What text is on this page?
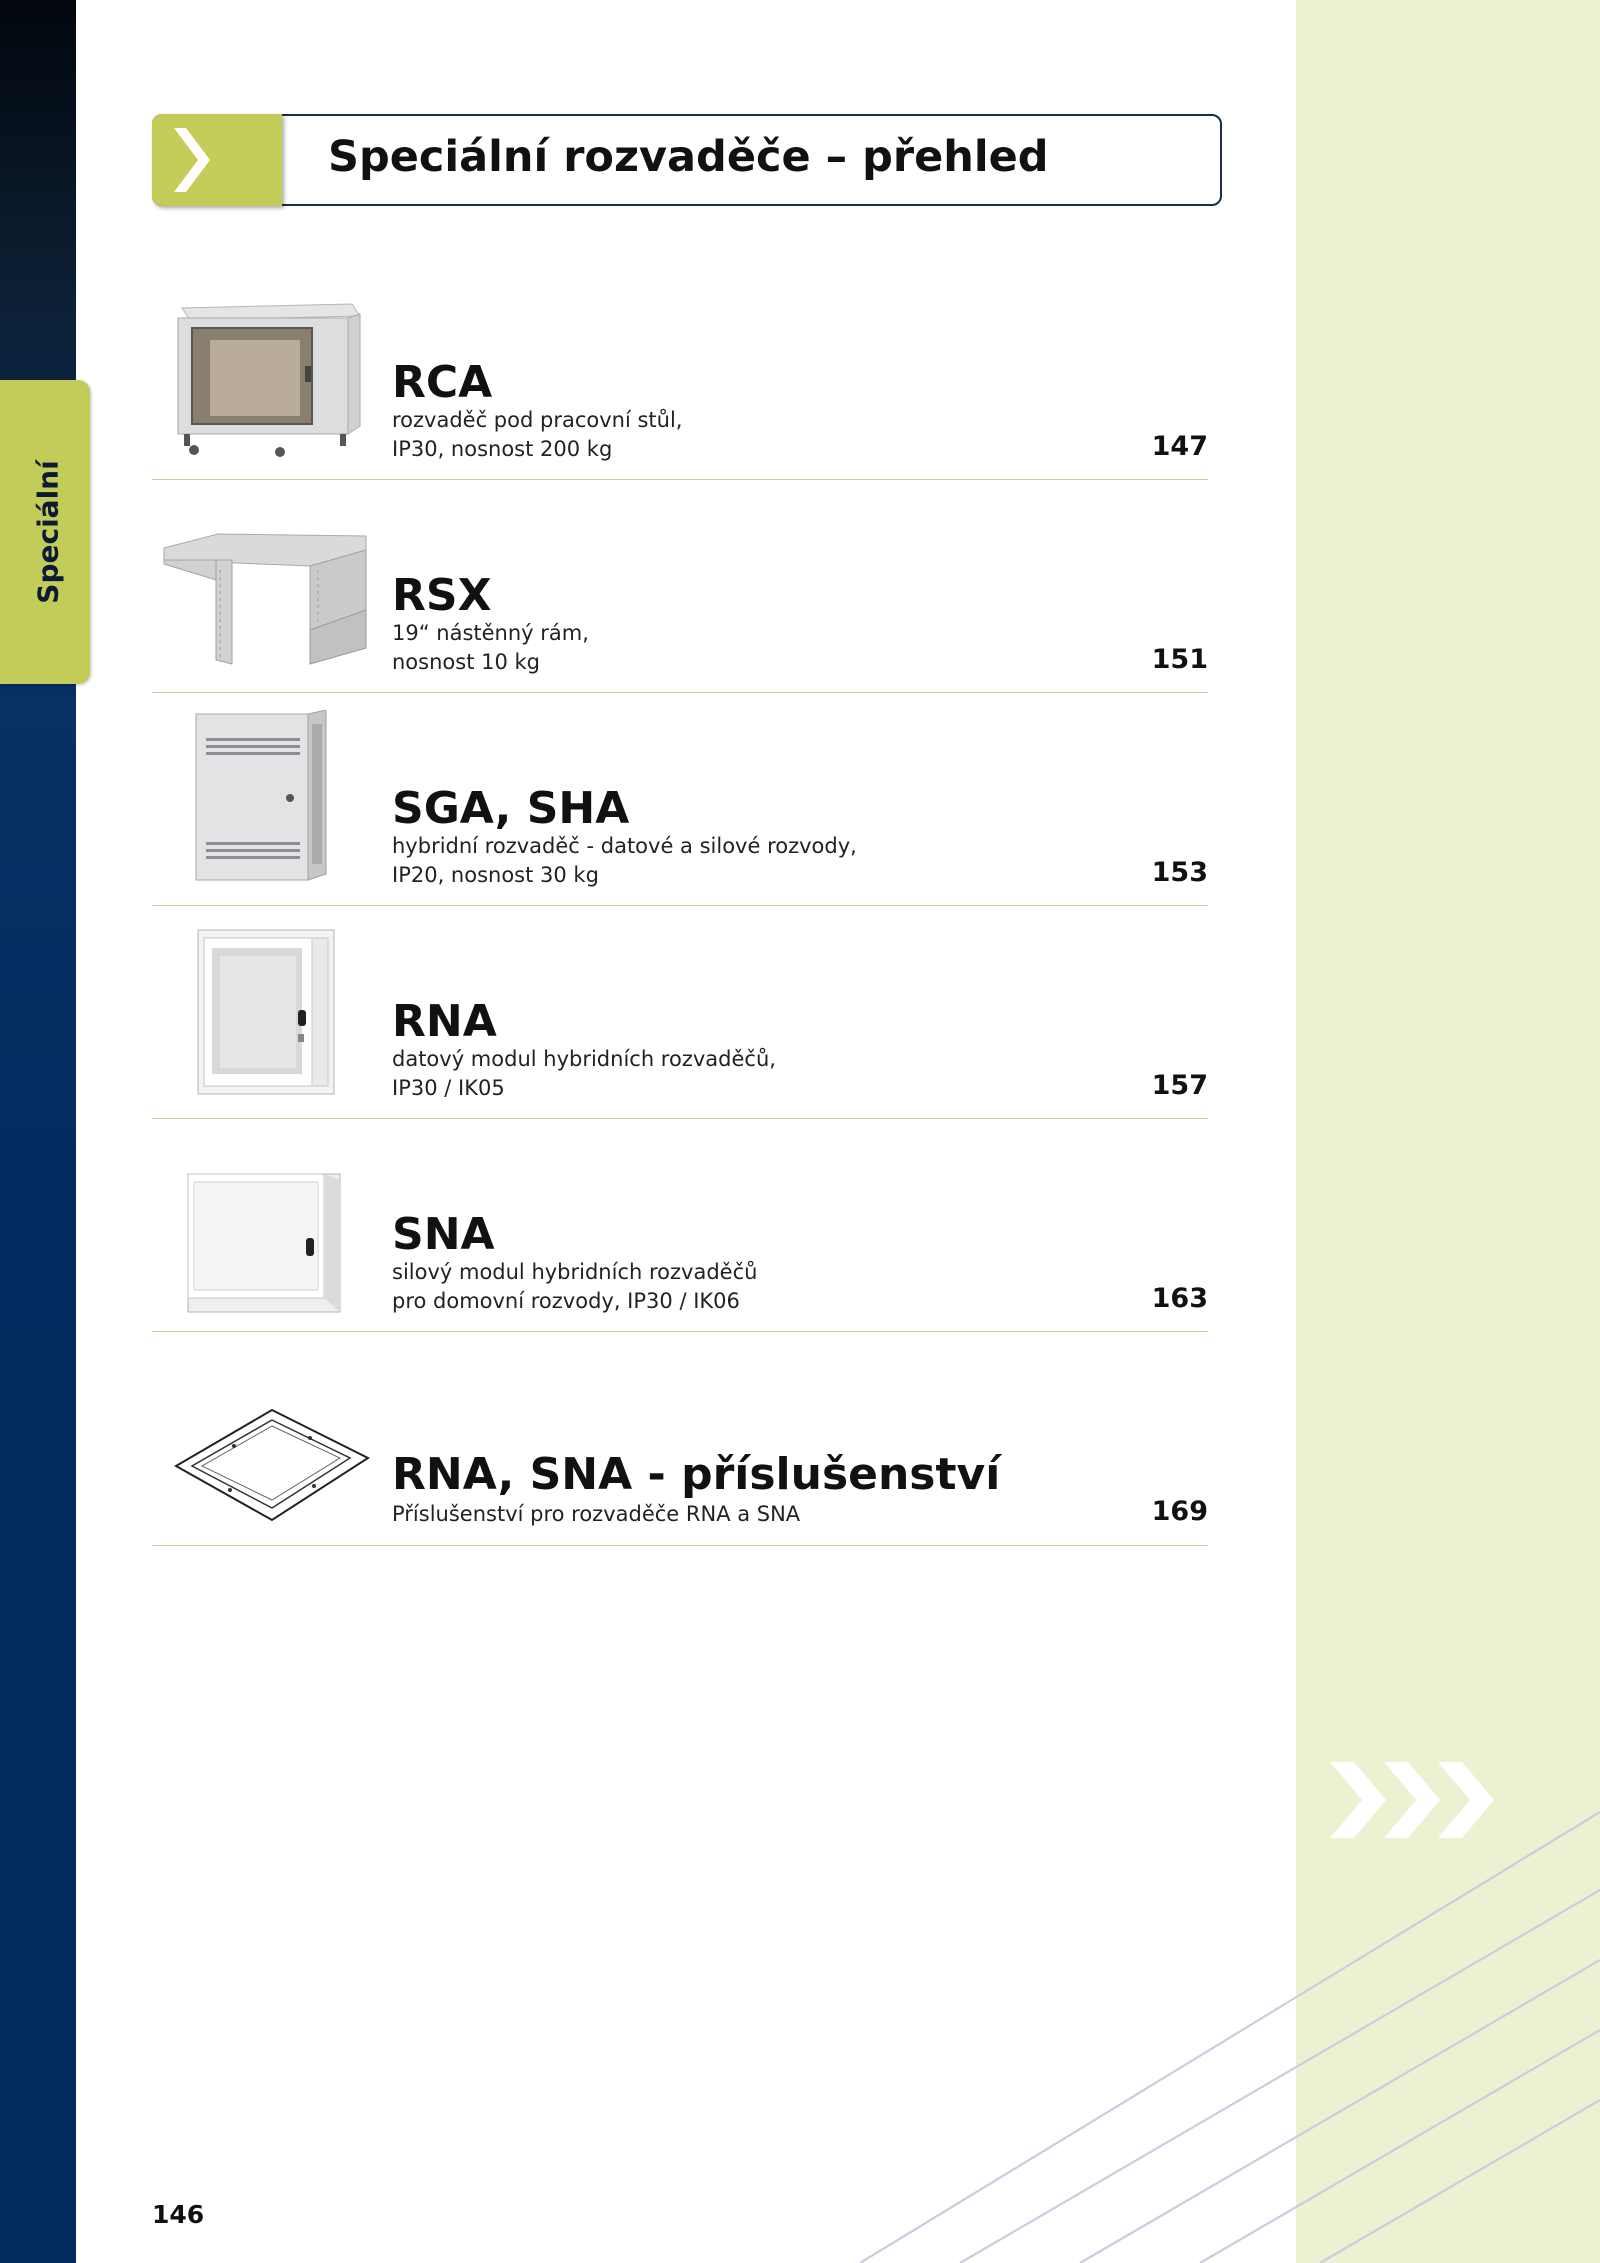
Speciální
Speciální rozvaděče – přehled
RCA
rozvaděč pod pracovní stůl,
IP30, nosnost 200 kg	147
RSX
19“ nástěnný rám,
nosnost 10 kg	151
SGA, SHA
hybridní rozvaděč - datové a silové rozvody,
IP20, nosnost 30 kg	153
RNA
datový modul hybridních rozvaděčů,
IP30 / IK05	157
SNA
silový modul hybridních rozvaděčů
pro domovní rozvody, IP30 / IK06	163
RNA, SNA - příslušenství
Příslušenství pro rozvaděče RNA a SNA	169
146
